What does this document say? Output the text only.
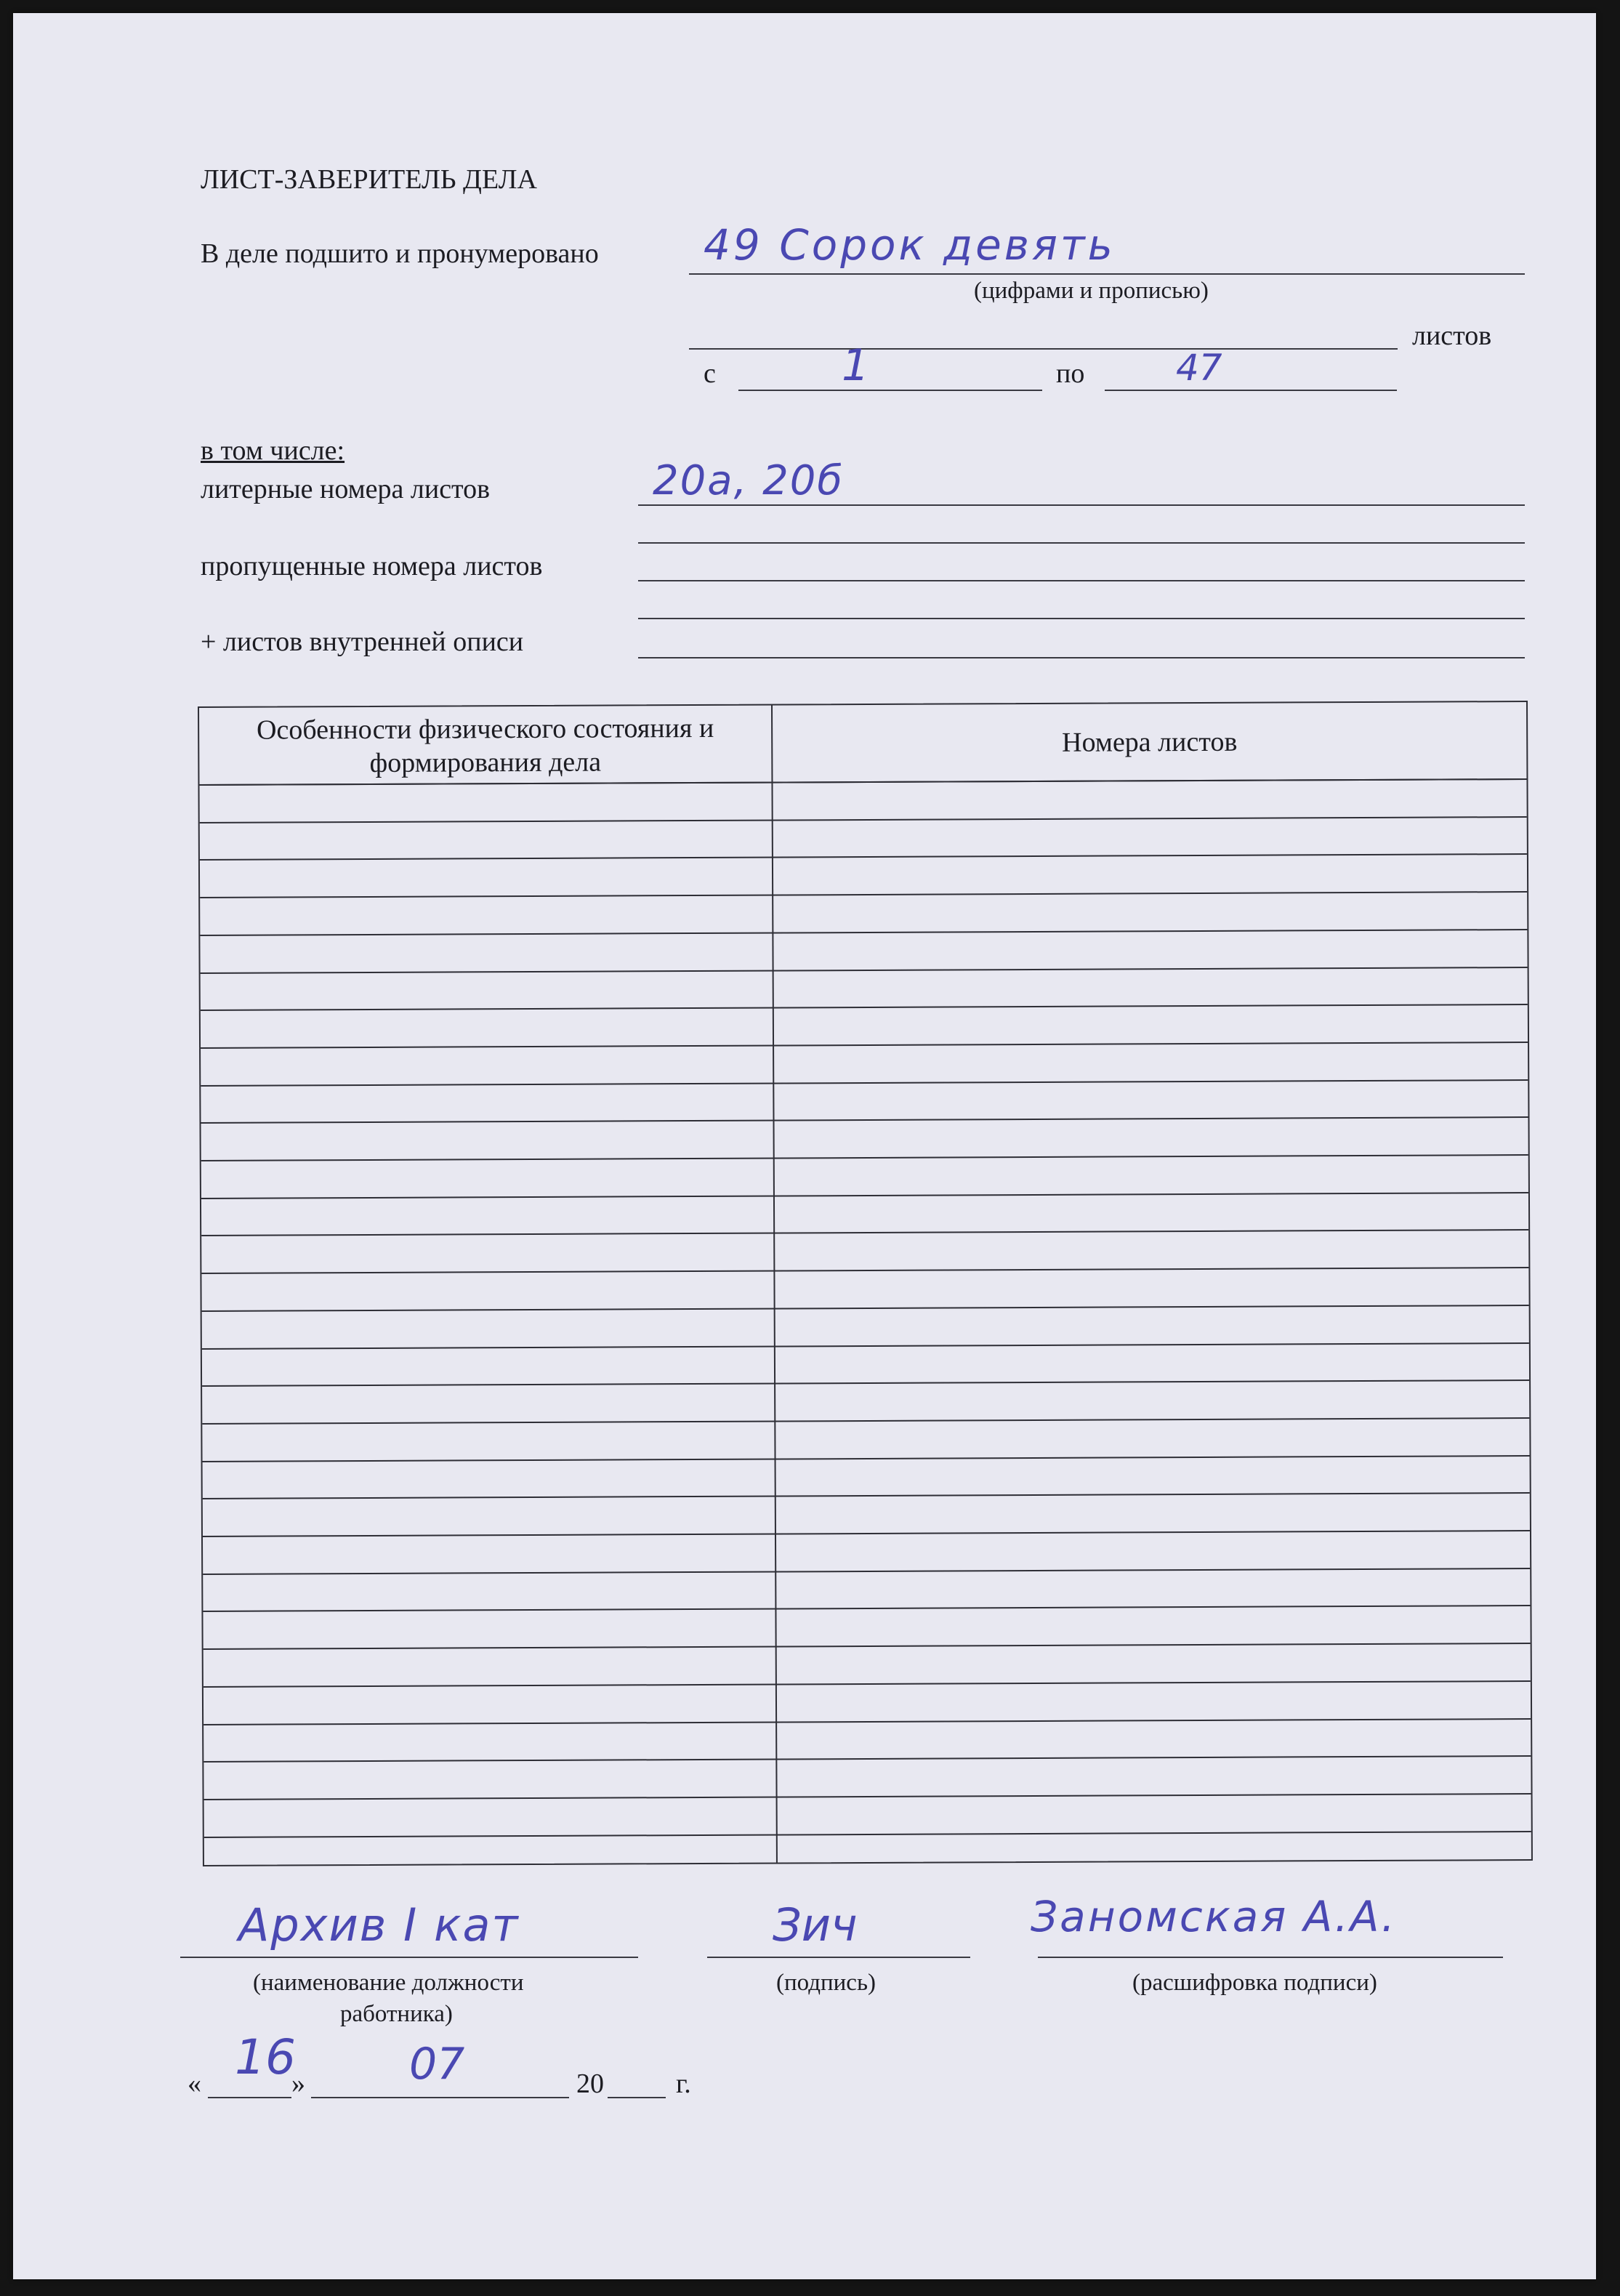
ЛИСТ-ЗАВЕРИТЕЛЬ ДЕЛА
В деле подшито и пронумеровано 49 Сорок девять
(цифрами и прописью)
листов
с	1	по	47
в том числе:
литерные номера листов	20а, 20б
пропущенные номера листов
+ листов внутренней описи
Особенности физического состояния и формирования дела
Номера листов
Архив I кат
(наименование должности
работника)
Зич
(подпись)
Заномская А.А.
(расшифровка подписи)
« 16
» 07	20	г.
